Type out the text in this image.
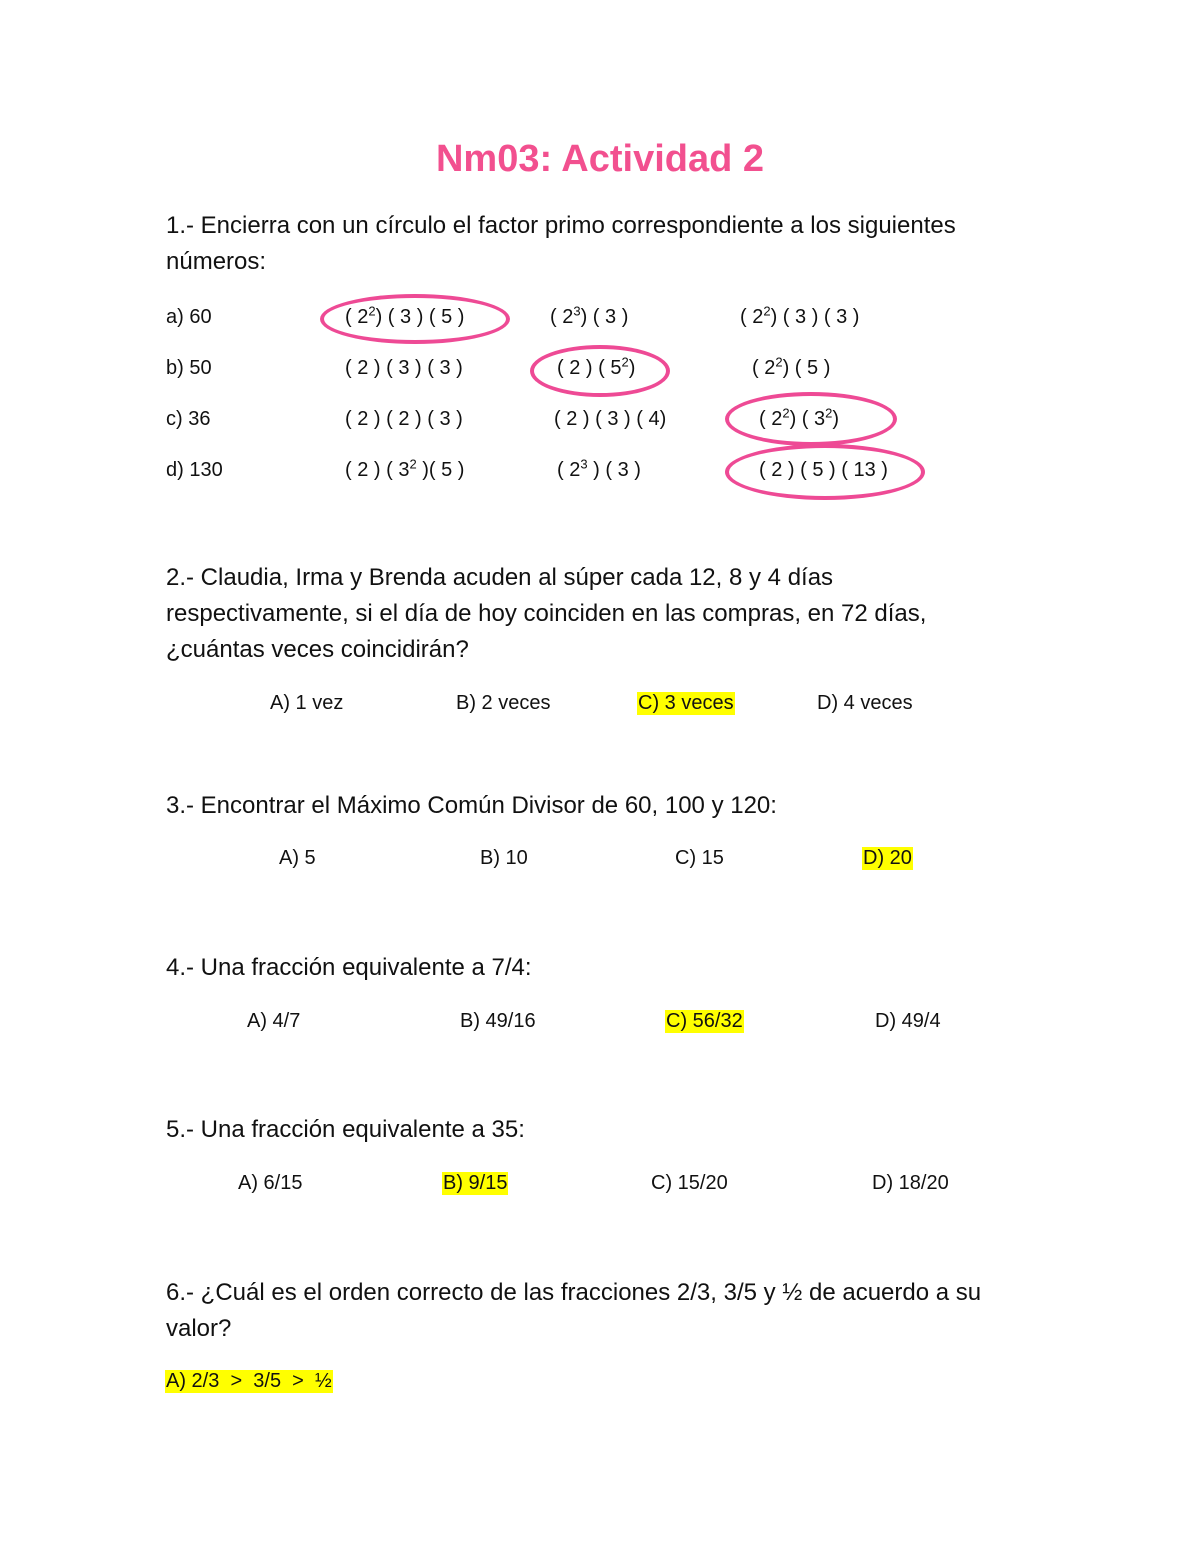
Nm03: Actividad 2
1.- Encierra con un círculo el factor primo correspondiente a los siguientes números:
a) 60	( $2^2$) ( 3 ) ( 5 )	( $2^3$) ( 3 )	( $2^2$) ( 3 ) ( 3 )
b) 50	( 2 ) ( 3 ) ( 3 )	( 2 ) ( $5^2$)	( $2^2$) ( 5 )
c) 36	( 2 ) ( 2 ) ( 3 )	( 2 ) ( 3 ) ( 4)	( $2^2$) ( $3^2$)
d) 130	( 2 ) ( $3^2$ )( 5 )	( $2^3$ ) ( 3 )	( 2 ) ( 5 ) ( 13 )
2.- Claudia, Irma y Brenda acuden al súper cada 12, 8 y 4 días respectivamente, si el día de hoy coinciden en las compras, en 72 días, ¿cuántas veces coincidirán?
A) 1 vez	B) 2 veces	C) 3 veces	D) 4 veces
3.- Encontrar el Máximo Común Divisor de 60, 100 y 120:
A) 5	B) 10	C) 15	D) 20
4.- Una fracción equivalente a 7/4:
A) 4/7	B) 49/16	C) 56/32	D) 49/4
5.- Una fracción equivalente a 35:
A) 6/15	B) 9/15	C) 15/20	D) 18/20
6.- ¿Cuál es el orden correcto de las fracciones 2/3, 3/5 y ½ de acuerdo a su valor?
A) 2/3  >  3/5  >  ½
